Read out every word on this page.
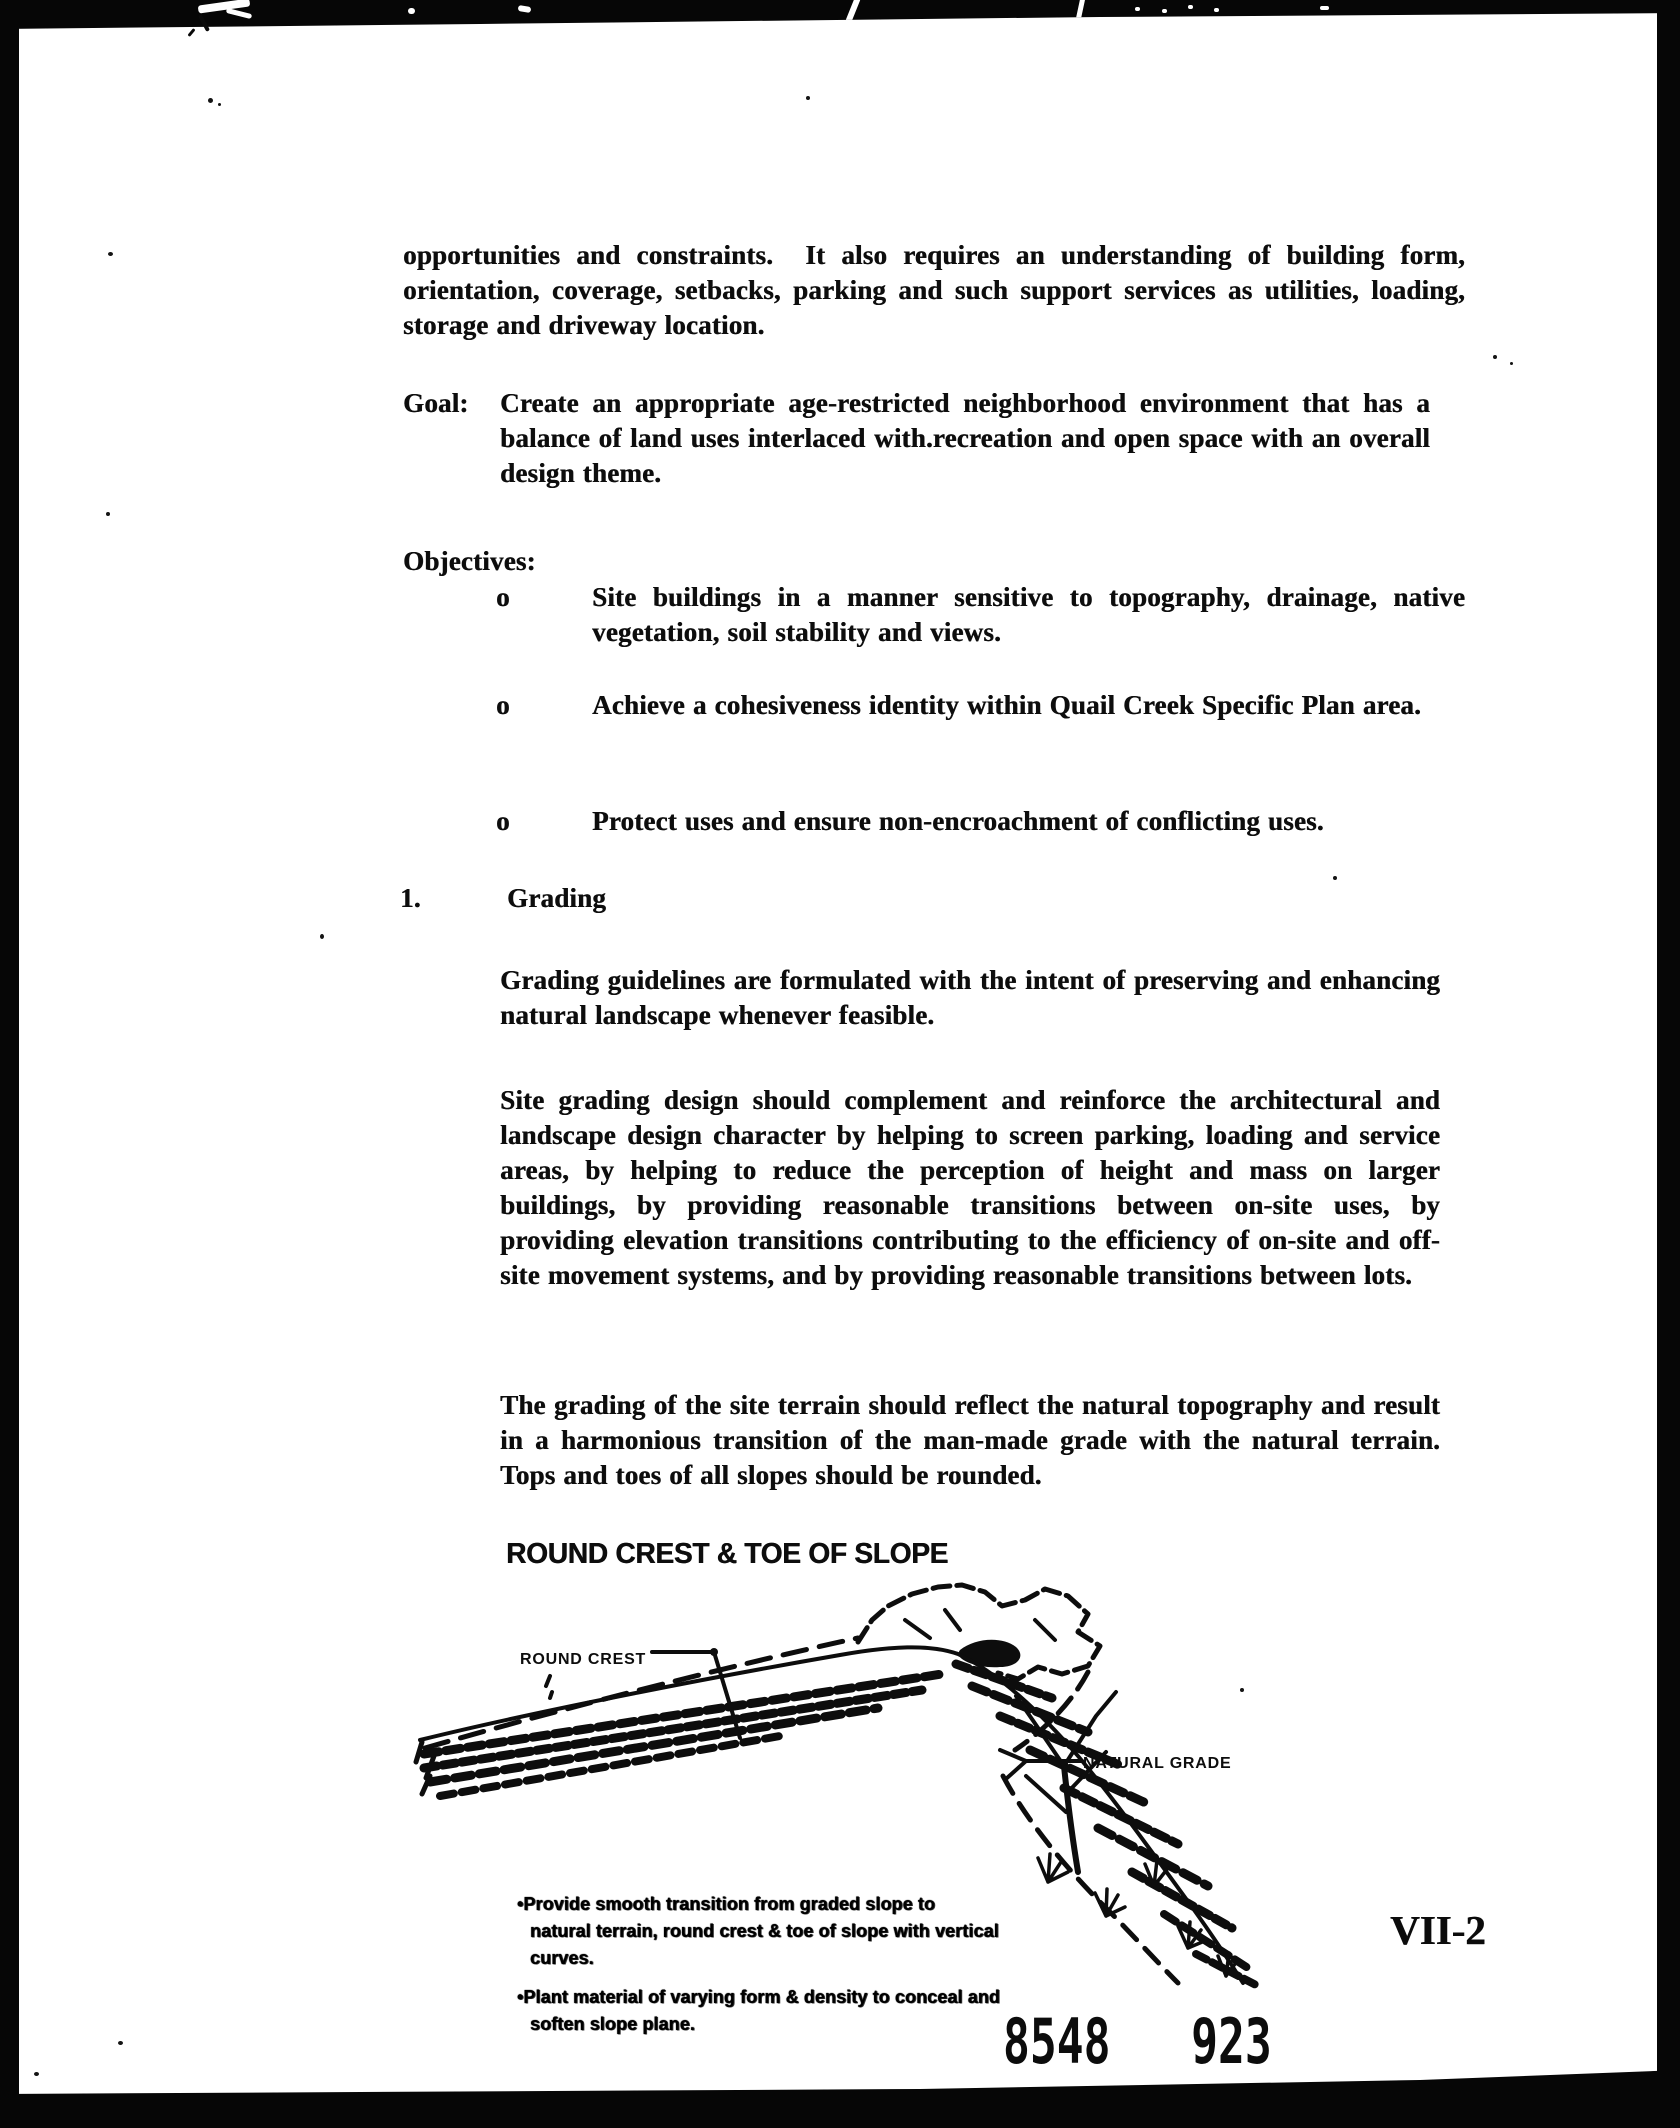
opportunities and constraints.  It also requires an understanding of building form, orientation, coverage, setbacks, parking and such support services as utilities, loading, storage and driveway location.
Goal:	Create an appropriate age-restricted neighborhood environment that has a balance of land uses interlaced with.recreation and open space with an overall design theme.
Objectives:
o	Site buildings in a manner sensitive to topography, drainage, native vegetation, soil stability and views.
o	Achieve a cohesiveness identity within Quail Creek Specific Plan area.
o	Protect uses and ensure non-encroachment of conflicting uses.
1.	Grading
Grading guidelines are formulated with the intent of preserving and enhancing natural landscape whenever feasible.
Site grading design should complement and reinforce the architectural and landscape design character by helping to screen parking, loading and service areas, by helping to reduce the perception of height and mass on larger buildings, by providing reasonable transitions between on-site uses, by providing elevation transitions contributing to the efficiency of on-site and off-site movement systems, and by providing reasonable transitions between lots.
The grading of the site terrain should reflect the natural topography and result in a harmonious transition of the man-made grade with the natural terrain.  Tops and toes of all slopes should be rounded.
ROUND CREST & TOE OF SLOPE
ROUND CREST
NATURAL GRADE
•Provide smooth transition from graded slope to natural terrain, round crest & toe of slope with vertical curves.
•Plant material of varying form & density to conceal and soften slope plane.
VII-2
8548   923
